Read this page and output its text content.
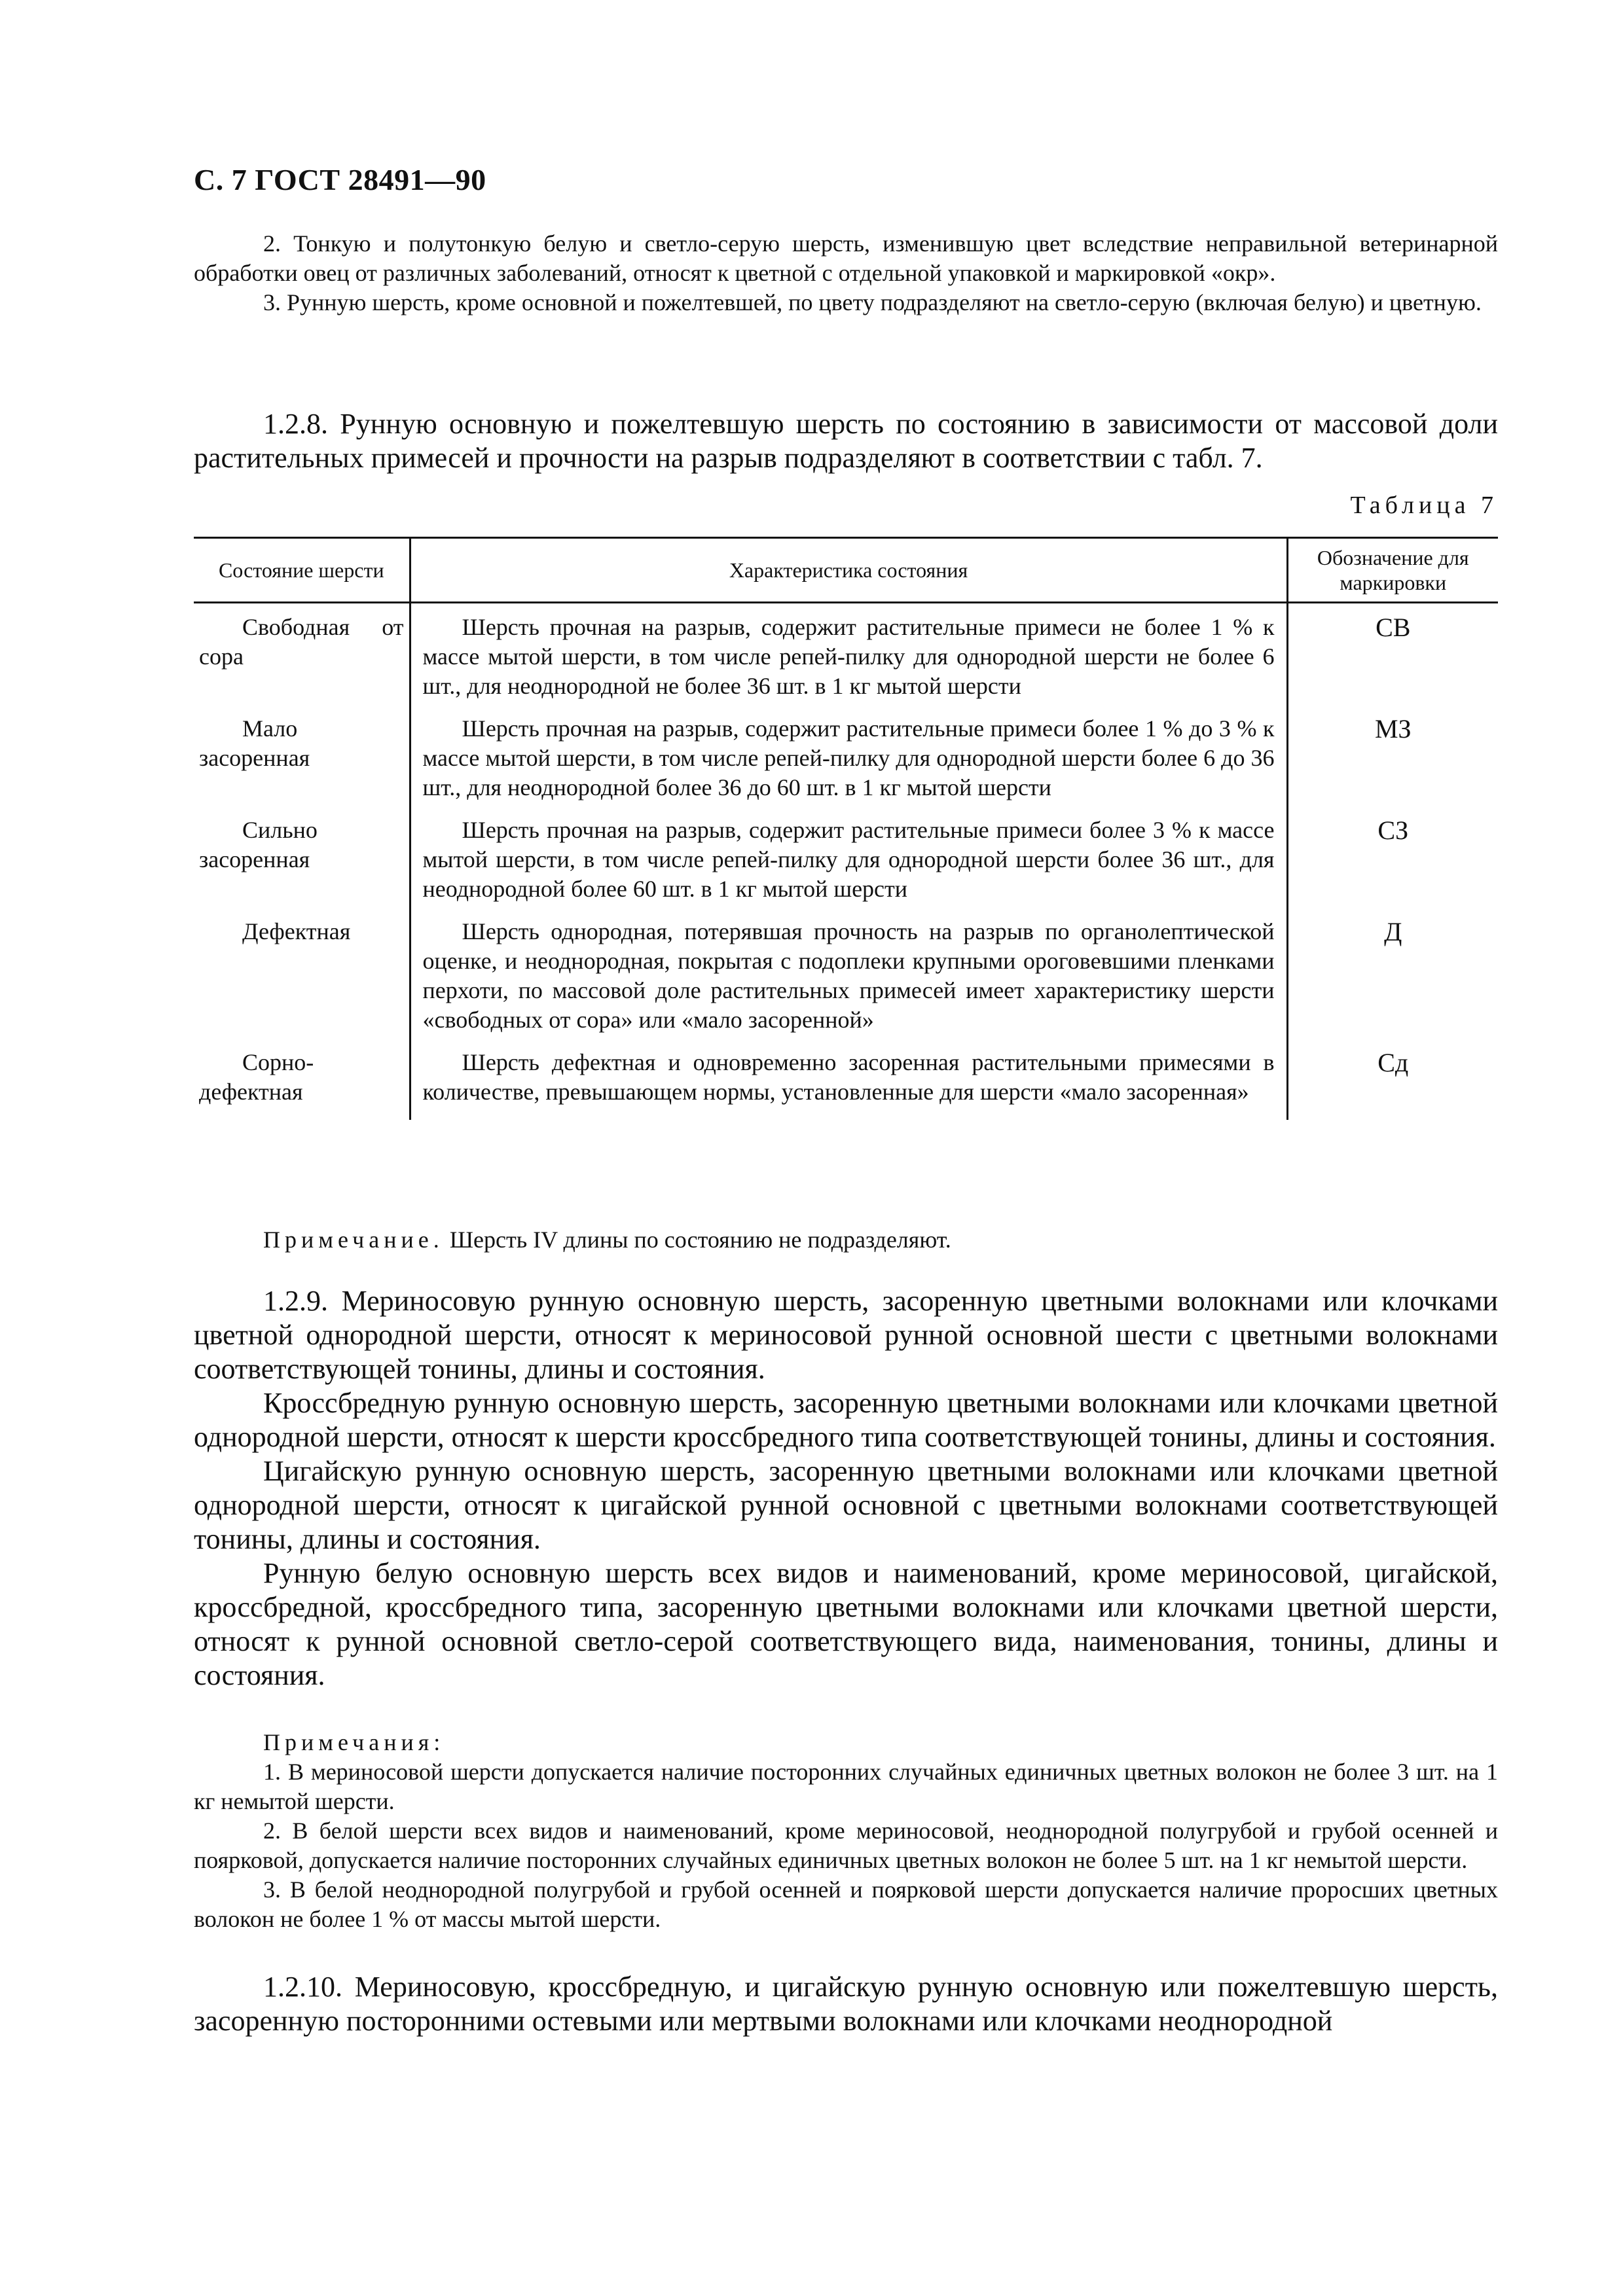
С. 7 ГОСТ 28491—90

2. Тонкую и полутонкую белую и светло-серую шерсть, изменившую цвет вследствие неправильной ветеринарной обработки овец от различных заболеваний, относят к цветной с отдельной упаковкой и маркировкой «окр».

3. Рунную шерсть, кроме основной и пожелтевшей, по цвету подразделяют на светло-серую (включая белую) и цветную.

1.2.8. Рунную основную и пожелтевшую шерсть по состоянию в зависимости от массовой доли растительных примесей и прочности на разрыв подразделяют в соответствии с табл. 7.

Таблица 7
Состояние шерсти	Характеристика состояния	Обозначение для маркировки
Свободная от сора	Шерсть прочная на разрыв, содержит растительные примеси не более 1 % к массе мытой шерсти, в том числе репей-пилку для однородной шерсти не более 6 шт., для неоднородной не более 36 шт. в 1 кг мытой шерсти	СВ
Мало засоренная	Шерсть прочная на разрыв, содержит растительные примеси более 1 % до 3 % к массе мытой шерсти, в том числе репей-пилку для однородной шерсти более 6 до 36 шт., для неоднородной более 36 до 60 шт. в 1 кг мытой шерсти	МЗ
Сильно засоренная	Шерсть прочная на разрыв, содержит растительные примеси более 3 % к массе мытой шерсти, в том числе репей-пилку для однородной шерсти более 36 шт., для неоднородной более 60 шт. в 1 кг мытой шерсти	СЗ
Дефектная	Шерсть однородная, потерявшая прочность на разрыв по органолептической оценке, и неоднородная, покрытая с подоплеки крупными ороговевшими пленками перхоти, по массовой доле растительных примесей имеет характеристику шерсти «свободных от сора» или «мало засоренной»	Д
Сорно-дефектная	Шерсть дефектная и одновременно засоренная растительными примесями в количестве, превышающем нормы, установленные для шерсти «мало засоренная»	Сд
Примечание. Шерсть IV длины по состоянию не подразделяют.

1.2.9. Мериносовую рунную основную шерсть, засоренную цветными волокнами или клочками цветной однородной шерсти, относят к мериносовой рунной основной шести с цветными волокнами соответствующей тонины, длины и состояния.

Кроссбредную рунную основную шерсть, засоренную цветными волокнами или клочками цветной однородной шерсти, относят к шерсти кроссбредного типа соответствующей тонины, длины и состояния.

Цигайскую рунную основную шерсть, засоренную цветными волокнами или клочками цветной однородной шерсти, относят к цигайской рунной основной с цветными волокнами соответствующей тонины, длины и состояния.

Рунную белую основную шерсть всех видов и наименований, кроме мериносовой, цигайской, кроссбредной, кроссбредного типа, засоренную цветными волокнами или клочками цветной шерсти, относят к рунной основной светло-серой соответствующего вида, наименования, тонины, длины и состояния.

Примечания:

1. В мериносовой шерсти допускается наличие посторонних случайных единичных цветных волокон не более 3 шт. на 1 кг немытой шерсти.

2. В белой шерсти всех видов и наименований, кроме мериносовой, неоднородной полугрубой и грубой осенней и поярковой, допускается наличие посторонних случайных единичных цветных волокон не более 5 шт. на 1 кг немытой шерсти.

3. В белой неоднородной полугрубой и грубой осенней и поярковой шерсти допускается наличие проросших цветных волокон не более 1 % от массы мытой шерсти.

1.2.10. Мериносовую, кроссбредную, и цигайскую рунную основную или пожелтевшую шерсть, засоренную посторонними остевыми или мертвыми волокнами или клочками неоднородной
